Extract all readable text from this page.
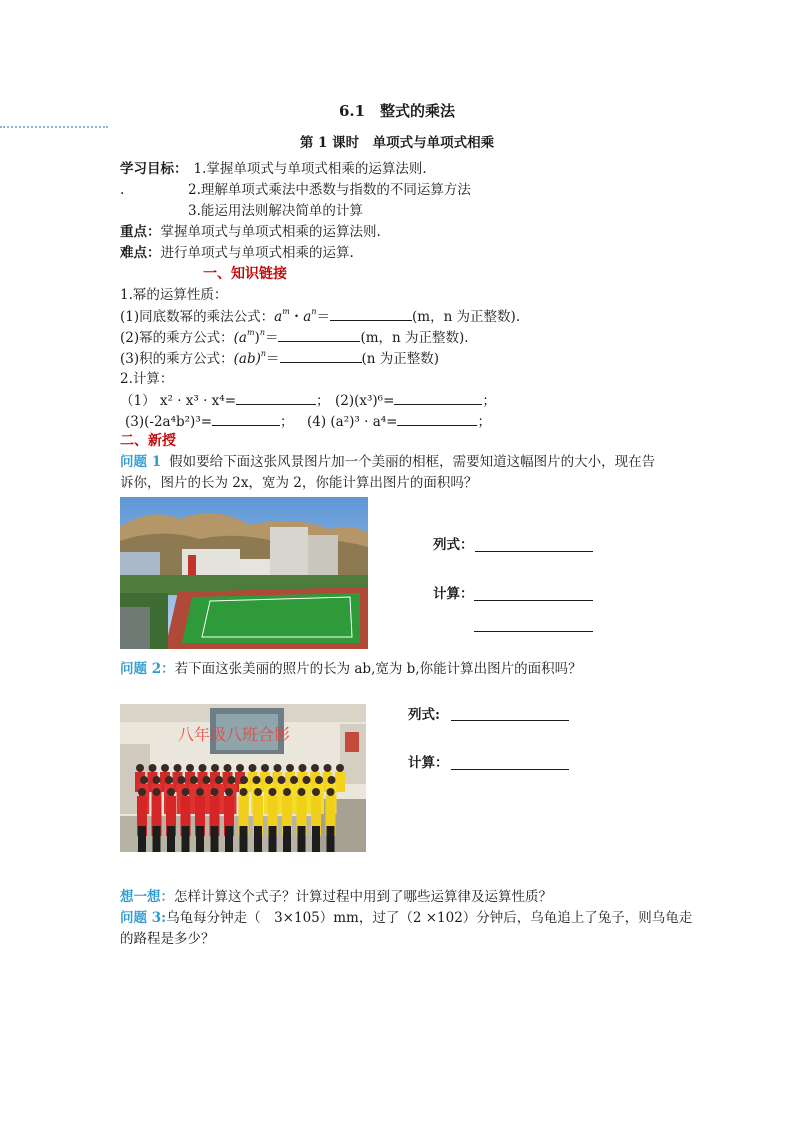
6.1　整式的乘法
第 1 课时　单项式与单项式相乘
学习目标： 1.掌握单项式与单项式相乘的运算法则.
.	2.理解单项式乘法中悉数与指数的不同运算方法
3.能运用法则解决简单的计算
重点：掌握单项式与单项式相乘的运算法则.
难点：进行单项式与单项式相乘的运算.
一、知识链接
1.幂的运算性质：
(1)同底数幂的乘法公式：$a^m$・$a^n=$	(m，n 为正整数).
(2)幂的乘方公式：$(a^m)^n=$	(m，n 为正整数).
(3)积的乘方公式：(ab)$^n$＝	(n 为正整数)
2.计算：
（1） x² · x³ · x⁴=	； (2)(x³)⁶=	；
(3)(-2a⁴b²)³=	； (4) (a²)³ · a⁴=	；
二、新授
问题 1 假如要给下面这张风景图片加一个美丽的相框，需要知道这幅图片的大小，现在告
诉你，图片的长为 2x，宽为 2，你能计算出图片的面积吗？
列式：
计算：
问题 2：若下面这张美丽的照片的长为 ab,宽为 b,你能计算出图片的面积吗？
八年级八班合影
列式:
计算：
想一想：怎样计算这个式子？计算过程中用到了哪些运算律及运算性质？
问题 3:乌龟每分钟走（　3×105）mm，过了（2 ×102）分钟后，乌龟追上了兔子，则乌龟走
的路程是多少？
